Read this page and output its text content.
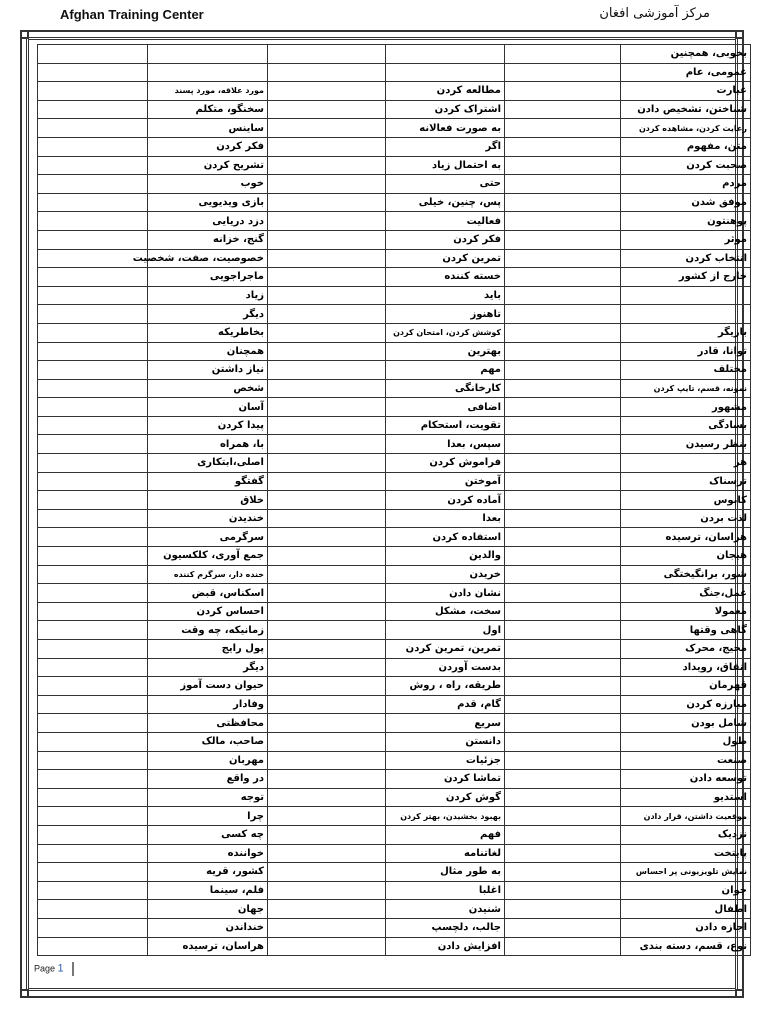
Afghan Training Center	مرکز آموزشی افغان
					بخوبی، همچنین
					عمومی، عام
	مورد علاقه، مورد پسند		مطالعه کردن		عبارت
	سخنگو، متکلم		اشتراک کردن		شناختن، تشخیص دادن
	ساینس		به صورت فعالانه		رعایت کردن، مشاهده کردن
	فکر کردن		اگر		متن، مفهوم
	تشریح کردن		به احتمال زیاد		صحبت کردن
	خوب		حتی		مردم
	بازی ویدیویی		پس، چنین، خیلی		موفق شدن
	دزد دریایی		فعالیت		پوهنتون
	گنج، خزانه		فکر کردن		موثر
	خصوصیت، صفت، شخصیت		تمرین کردن		انتخاب کردن
	ماجراجویی		خسته کننده		خارج از کشور
	زیاد		باید		
	دیگر		تاهنوز		
	بخاطریکه		کوشش کردن، امتحان کردن		بازیگر
	همچنان		بهترین		توانا، قادر
	نیاز داشتن		مهم		مختلف
	شخص		کارخانگی		نمونه، قسم، تایپ کردن
	آسان		اضافی		مشهور
	پیدا کردن		تقویت، استحکام		بسادگی
	با، همراه		سپس، بعدا		بنظر رسیدن
	اصلی،ابتکاری		فراموش کردن		هر
	گفتگو		آموختن		ترسناک
	خلاق		آماده کردن		کابوس
	خندیدن		بعدا		لذت بردن
	سرگرمی		استفاده کردن		هراسان، ترسیده
	جمع آوری، کلکسیون		والدین		هیجان
	خنده دار، سرگرم کننده		خریدن		شور، برانگیختگی
	اسکناس، قبض		نشان دادن		عمل،جنگ
	احساس کردن		سخت، مشکل		معمولا
	زمانیکه، چه وقت		اول		گاهی وقتها
	پول رایج		تمرین، تمرین کردن		محیج، محرک
	دیگر		بدست آوردن		اتفاق، رویداد
	حیوان دست آموز		طریقه، راه ، روش		قهرمان
	وفادار		گام، قدم		مبارزه کردن
	محافظتی		سریع		شامل بودن
	صاحب، مالک		دانستن		طول
	مهربان		جزئیات		صنعت
	در واقع		تماشا کردن		توسعه دادن
	توجه		گوش کردن		استدیو
	چرا		بهبود بخشیدن، بهتر کردن		موقعیت داشتن، قرار دادن
	چه کسی		فهم		نزدیک
	خواننده		لغاتنامه		پایتخت
	کشور، قریه		به طور مثال		نمایش تلویزیونی پر احساس
	فلم، سینما		اغلبا		جوان
	جهان		شنیدن		اطفال
	خنداندن		جالب، دلچسپ		اجازه دادن
	هراسان، ترسیده		افزایش دادن		نوع، قسم، دسته بندی
Page 1
